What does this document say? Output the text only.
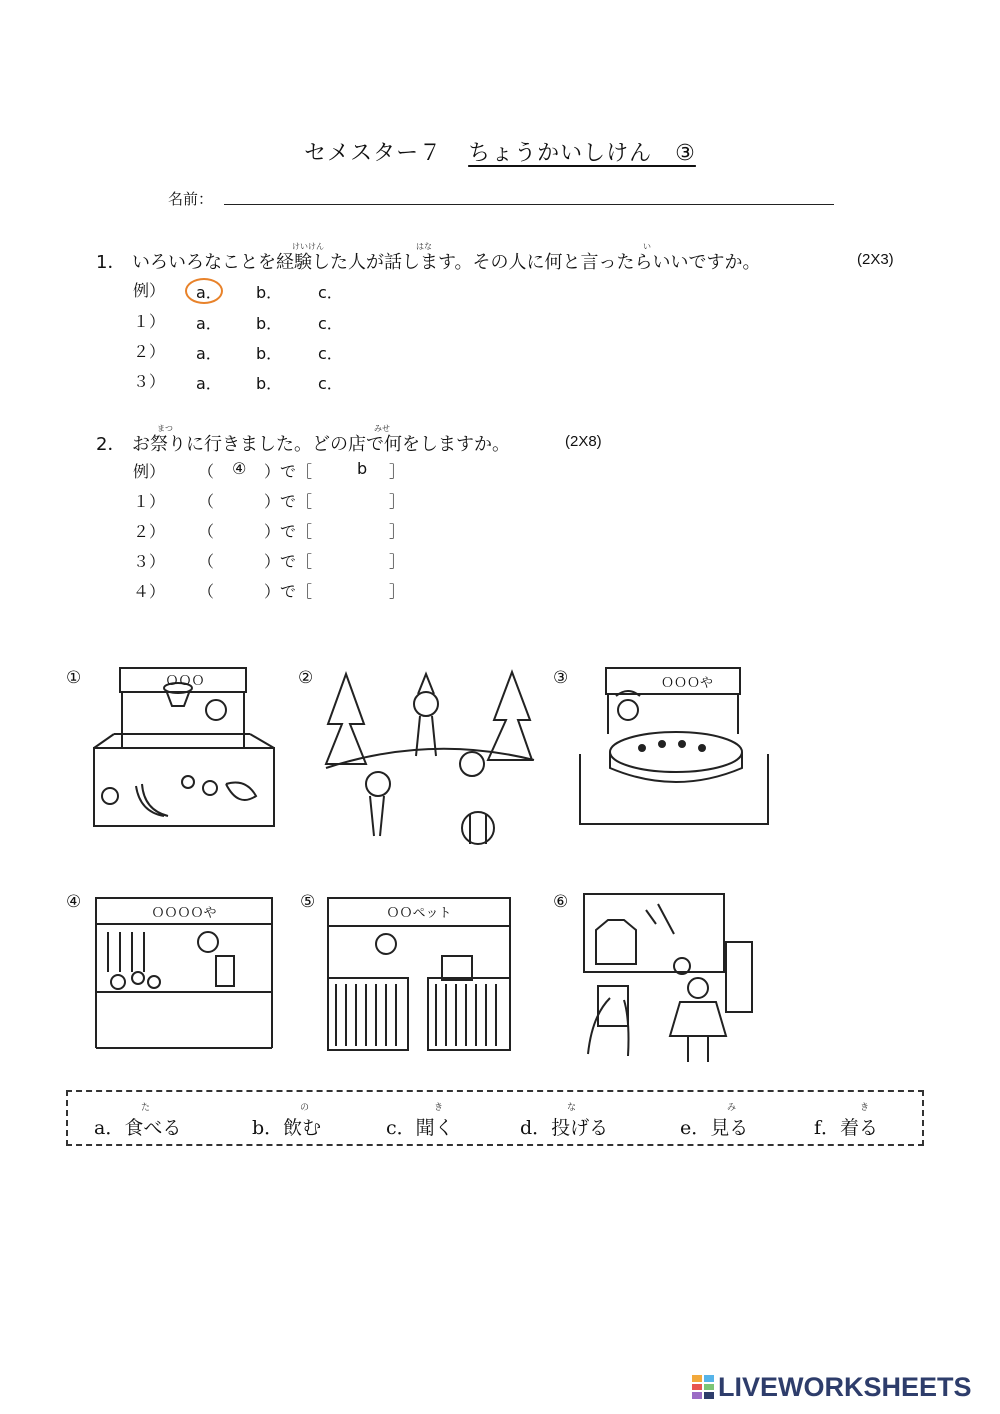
セメスター７ ちょうかいしけん　③
名前：
1． いろいろなことを経験した人が話します。その人に何と言ったらいいですか。
けいけん	はな	い
(2X3)
例） a． b． c．
１） a． b． c．
２） a． b． c．
３） a． b． c．
2． お祭りに行きました。どの店で何をしますか。
まつ	みせ
(2X8)
例） （ ④ ）で［	b ］
１） （	）で［	］
２） （	）で［	］
３） （	）で［	］
４） （	）で［	］
①	ＯＯＯ	②	③	ＯＯＯや
④
ＯＯＯＯや
⑤
ＯＯペット
⑥
a．食べる
た
b．飲む
の
c．聞く
き
d．投げる
な
e．見る
み
f．着る
き
LIVEWORKSHEETS
